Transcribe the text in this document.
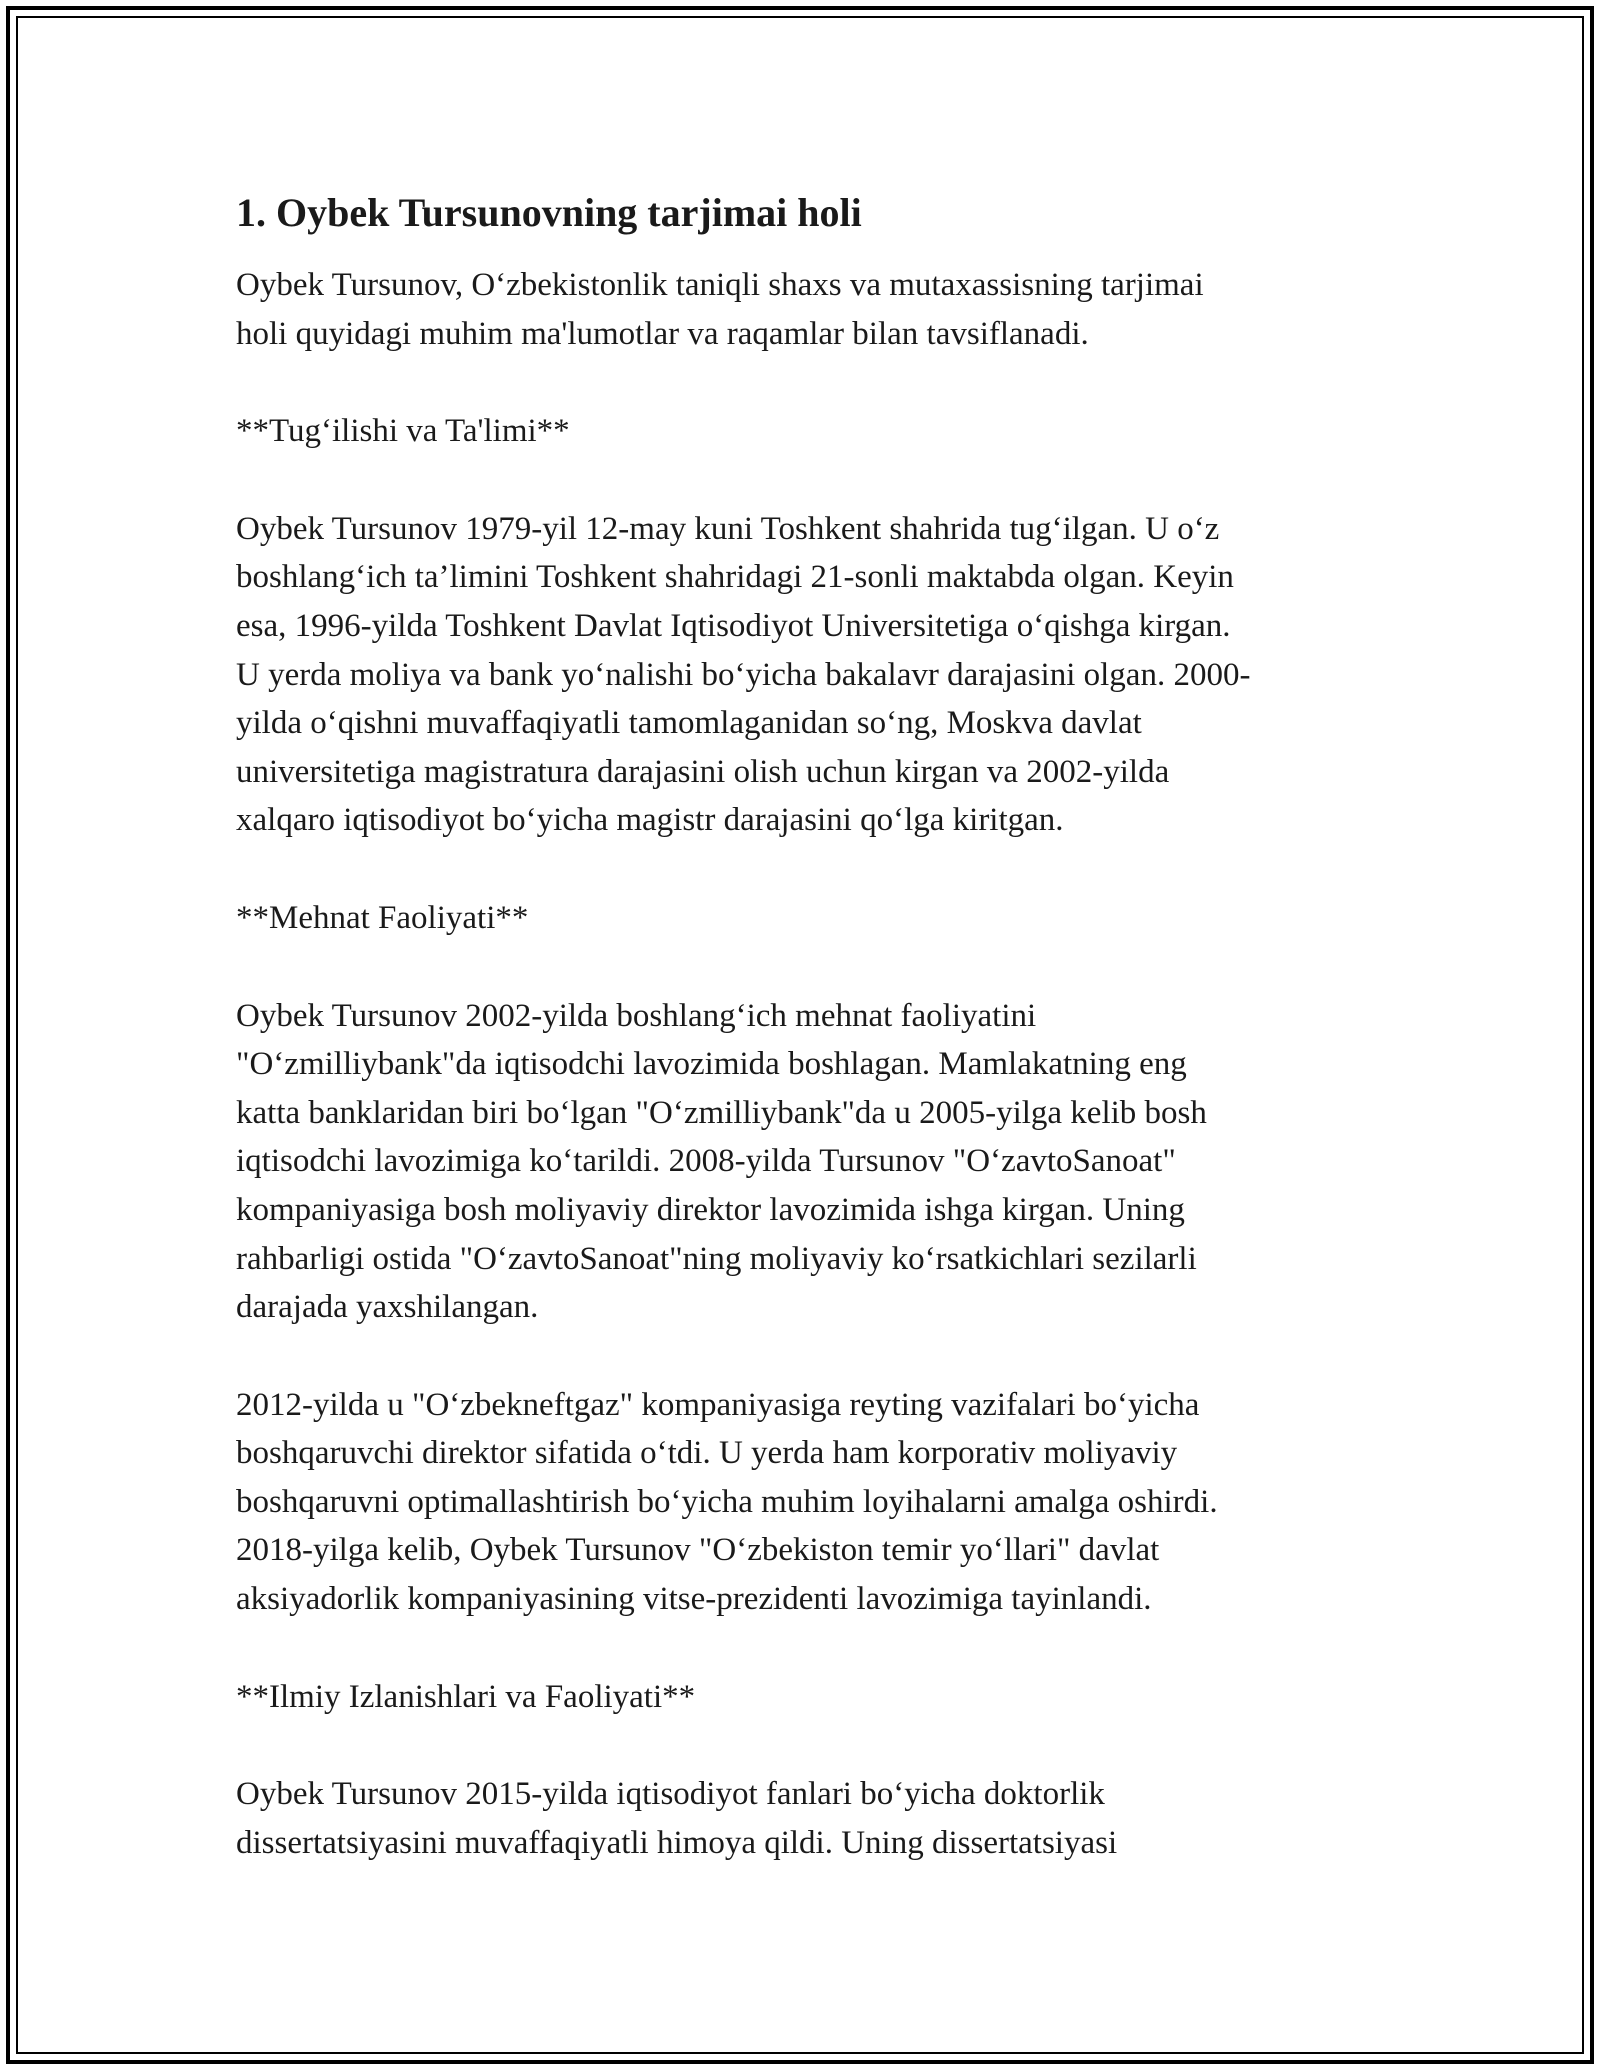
1. Oybek Tursunovning tarjimai holi

Oybek Tursunov, O‘zbekistonlik taniqli shaxs va mutaxassisning tarjimai
holi quyidagi muhim ma'lumotlar va raqamlar bilan tavsiflanadi.

**Tug‘ilishi va Ta'limi**

Oybek Tursunov 1979-yil 12-may kuni Toshkent shahrida tug‘ilgan. U o‘z
boshlang‘ich ta’limini Toshkent shahridagi 21-sonli maktabda olgan. Keyin
esa, 1996-yilda Toshkent Davlat Iqtisodiyot Universitetiga o‘qishga kirgan.
U yerda moliya va bank yo‘nalishi bo‘yicha bakalavr darajasini olgan. 2000-
yilda o‘qishni muvaffaqiyatli tamomlaganidan so‘ng, Moskva davlat
universitetiga magistratura darajasini olish uchun kirgan va 2002-yilda
xalqaro iqtisodiyot bo‘yicha magistr darajasini qo‘lga kiritgan.

**Mehnat Faoliyati**

Oybek Tursunov 2002-yilda boshlang‘ich mehnat faoliyatini
"O‘zmilliybank"da iqtisodchi lavozimida boshlagan. Mamlakatning eng
katta banklaridan biri bo‘lgan "O‘zmilliybank"da u 2005-yilga kelib bosh
iqtisodchi lavozimiga ko‘tarildi. 2008-yilda Tursunov "O‘zavtoSanoat"
kompaniyasiga bosh moliyaviy direktor lavozimida ishga kirgan. Uning
rahbarligi ostida "O‘zavtoSanoat"ning moliyaviy ko‘rsatkichlari sezilarli
darajada yaxshilangan.

2012-yilda u "O‘zbekneftgaz" kompaniyasiga reyting vazifalari bo‘yicha
boshqaruvchi direktor sifatida o‘tdi. U yerda ham korporativ moliyaviy
boshqaruvni optimallashtirish bo‘yicha muhim loyihalarni amalga oshirdi.
2018-yilga kelib, Oybek Tursunov "O‘zbekiston temir yo‘llari" davlat
aksiyadorlik kompaniyasining vitse-prezidenti lavozimiga tayinlandi.

**Ilmiy Izlanishlari va Faoliyati**

Oybek Tursunov 2015-yilda iqtisodiyot fanlari bo‘yicha doktorlik
dissertatsiyasini muvaffaqiyatli himoya qildi. Uning dissertatsiyasi
